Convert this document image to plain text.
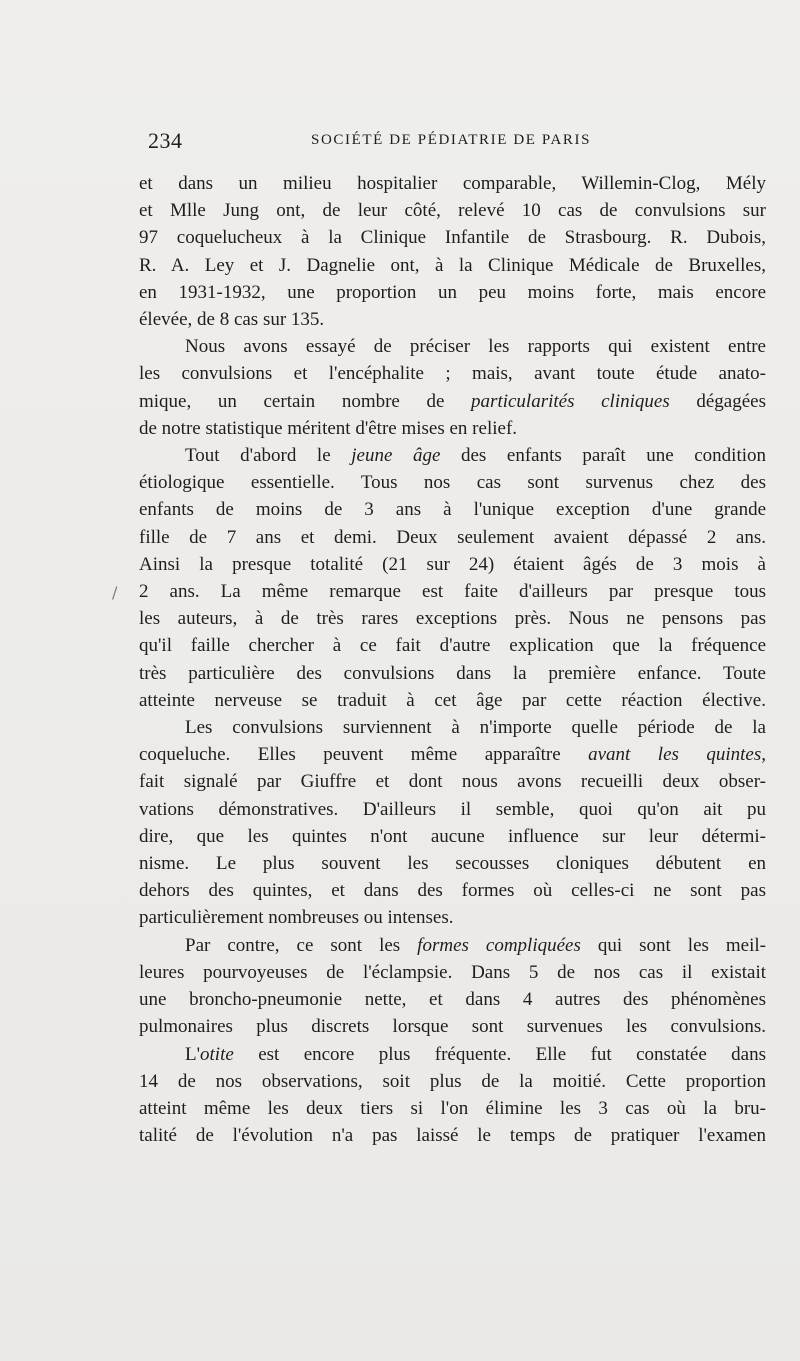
234	SOCIÉTÉ DE PÉDIATRIE DE PARIS
/
et dans un milieu hospitalier comparable, Willemin-Clog, Mély
et Mlle Jung ont, de leur côté, relevé 10 cas de convulsions sur
97 coquelucheux à la Clinique Infantile de Strasbourg. R. Dubois,
R. A. Ley et J. Dagnelie ont, à la Clinique Médicale de Bruxelles,
en 1931-1932, une proportion un peu moins forte, mais encore
élevée, de 8 cas sur 135.
Nous avons essayé de préciser les rapports qui existent entre
les convulsions et l'encéphalite ; mais, avant toute étude anato-
mique, un certain nombre de particularités cliniques dégagées
de notre statistique méritent d'être mises en relief.
Tout d'abord le jeune âge des enfants paraît une condition
étiologique essentielle. Tous nos cas sont survenus chez des
enfants de moins de 3 ans à l'unique exception d'une grande
fille de 7 ans et demi. Deux seulement avaient dépassé 2 ans.
Ainsi la presque totalité (21 sur 24) étaient âgés de 3 mois à
2 ans. La même remarque est faite d'ailleurs par presque tous
les auteurs, à de très rares exceptions près. Nous ne pensons pas
qu'il faille chercher à ce fait d'autre explication que la fréquence
très particulière des convulsions dans la première enfance. Toute
atteinte nerveuse se traduit à cet âge par cette réaction élective.
Les convulsions surviennent à n'importe quelle période de la
coqueluche. Elles peuvent même apparaître avant les quintes,
fait signalé par Giuffre et dont nous avons recueilli deux obser-
vations démonstratives. D'ailleurs il semble, quoi qu'on ait pu
dire, que les quintes n'ont aucune influence sur leur détermi-
nisme. Le plus souvent les secousses cloniques débutent en
dehors des quintes, et dans des formes où celles-ci ne sont pas
particulièrement nombreuses ou intenses.
Par contre, ce sont les formes compliquées qui sont les meil-
leures pourvoyeuses de l'éclampsie. Dans 5 de nos cas il existait
une broncho-pneumonie nette, et dans 4 autres des phénomènes
pulmonaires plus discrets lorsque sont survenues les convulsions.
L'otite est encore plus fréquente. Elle fut constatée dans
14 de nos observations, soit plus de la moitié. Cette proportion
atteint même les deux tiers si l'on élimine les 3 cas où la bru-
talité de l'évolution n'a pas laissé le temps de pratiquer l'examen
